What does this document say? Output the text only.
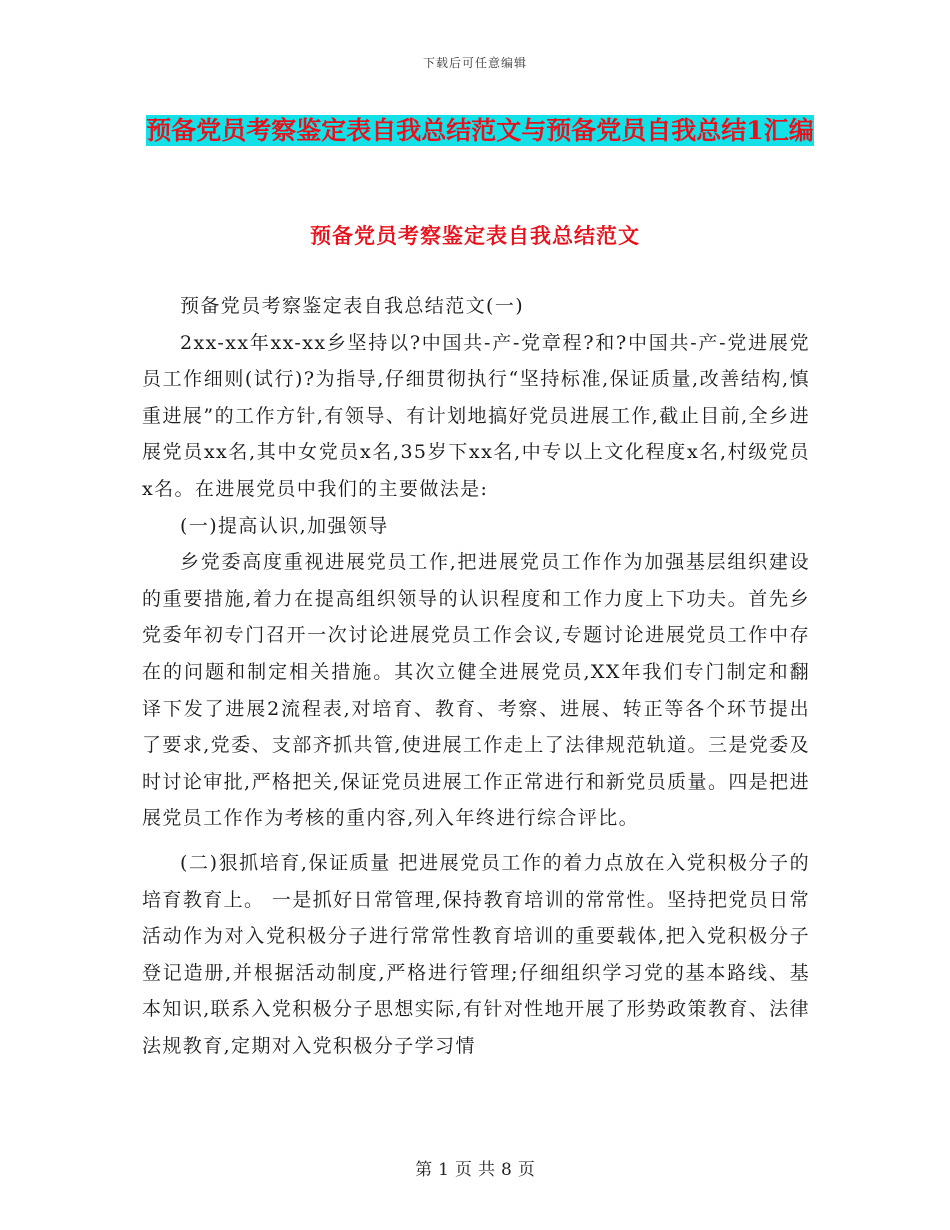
下载后可任意编辑
预备党员考察鉴定表自我总结范文与预备党员自我总结1汇编
预备党员考察鉴定表自我总结范文

预备党员考察鉴定表自我总结范文(一)

2xx-xx年xx-xx乡坚持以?中国共-产-党章程?和?中国共-产-党进展党员工作细则(试行)?为指导,仔细贯彻执行“坚持标准,保证质量,改善结构,慎重进展”的工作方针,有领导、有计划地搞好党员进展工作,截止目前,全乡进展党员xx名,其中女党员x名,35岁下xx名,中专以上文化程度x名,村级党员x名。在进展党员中我们的主要做法是:

(一)提高认识,加强领导

乡党委高度重视进展党员工作,把进展党员工作作为加强基层组织建设的重要措施,着力在提高组织领导的认识程度和工作力度上下功夫。首先乡党委年初专门召开一次讨论进展党员工作会议,专题讨论进展党员工作中存在的问题和制定相关措施。其次立健全进展党员,XX年我们专门制定和翻译下发了进展2流程表,对培育、教育、考察、进展、转正等各个环节提出了要求,党委、支部齐抓共管,使进展工作走上了法律规范轨道。三是党委及时讨论审批,严格把关,保证党员进展工作正常进行和新党员质量。四是把进展党员工作作为考核的重内容,列入年终进行综合评比。

(二)狠抓培育,保证质量 把进展党员工作的着力点放在入党积极分子的培育教育上。 一是抓好日常管理,保持教育培训的常常性。坚持把党员日常活动作为对入党积极分子进行常常性教育培训的重要载体,把入党积极分子登记造册,并根据活动制度,严格进行管理;仔细组织学习党的基本路线、基本知识,联系入党积极分子思想实际,有针对性地开展了形势政策教育、法律法规教育,定期对入党积极分子学习情

第 1 页 共 8 页
